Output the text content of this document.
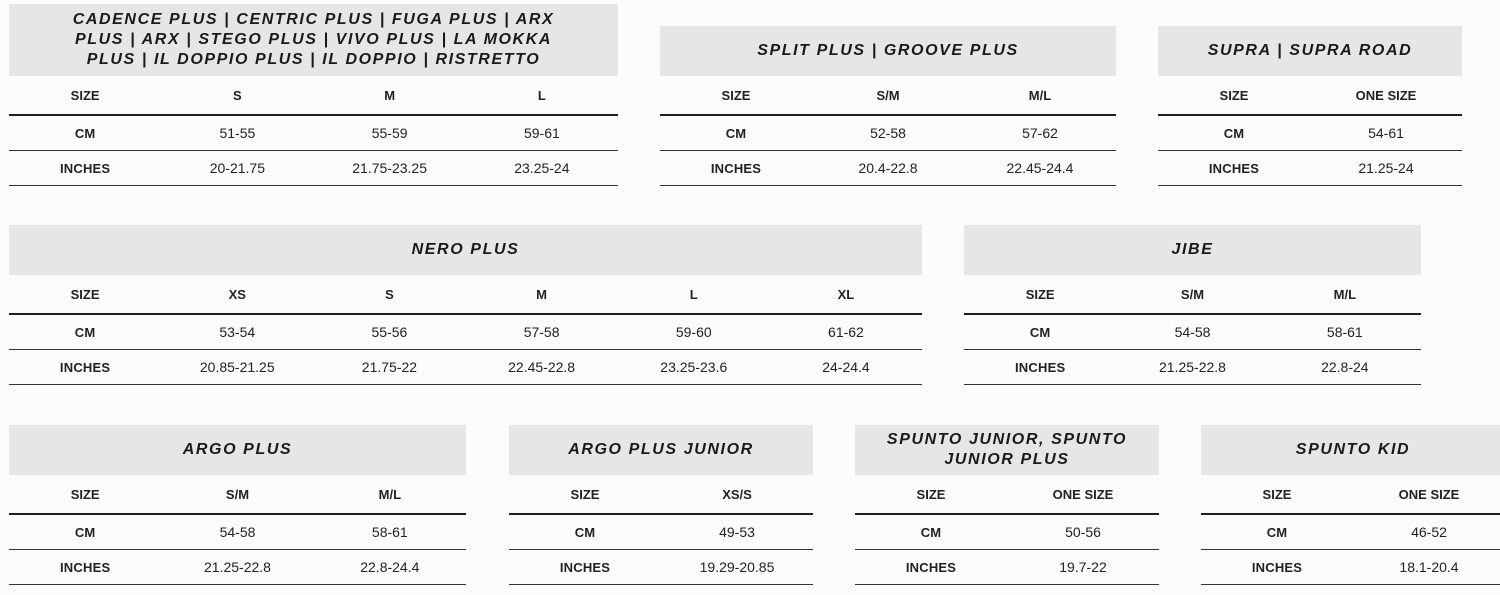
CADENCE PLUS | CENTRIC PLUS | FUGA PLUS | ARX PLUS | ARX | STEGO PLUS | VIVO PLUS | LA MOKKA PLUS | IL DOPPIO PLUS | IL DOPPIO | RISTRETTO
SIZE	S	M	L
CM	51-55	55-59	59-61
INCHES	20-21.75	21.75-23.25	23.25-24
SPLIT PLUS | GROOVE PLUS
SIZE	S/M	M/L
CM	52-58	57-62
INCHES	20.4-22.8	22.45-24.4
SUPRA | SUPRA ROAD
SIZE	ONE SIZE
CM	54-61
INCHES	21.25-24
NERO PLUS
SIZE	XS	S	M	L	XL
CM	53-54	55-56	57-58	59-60	61-62
INCHES	20.85-21.25	21.75-22	22.45-22.8	23.25-23.6	24-24.4
JIBE
SIZE	S/M	M/L
CM	54-58	58-61
INCHES	21.25-22.8	22.8-24
ARGO PLUS
SIZE	S/M	M/L
CM	54-58	58-61
INCHES	21.25-22.8	22.8-24.4
ARGO PLUS JUNIOR
SIZE	XS/S
CM	49-53
INCHES	19.29-20.85
SPUNTO JUNIOR, SPUNTO JUNIOR PLUS
SIZE	ONE SIZE
CM	50-56
INCHES	19.7-22
SPUNTO KID
SIZE	ONE SIZE
CM	46-52
INCHES	18.1-20.4
